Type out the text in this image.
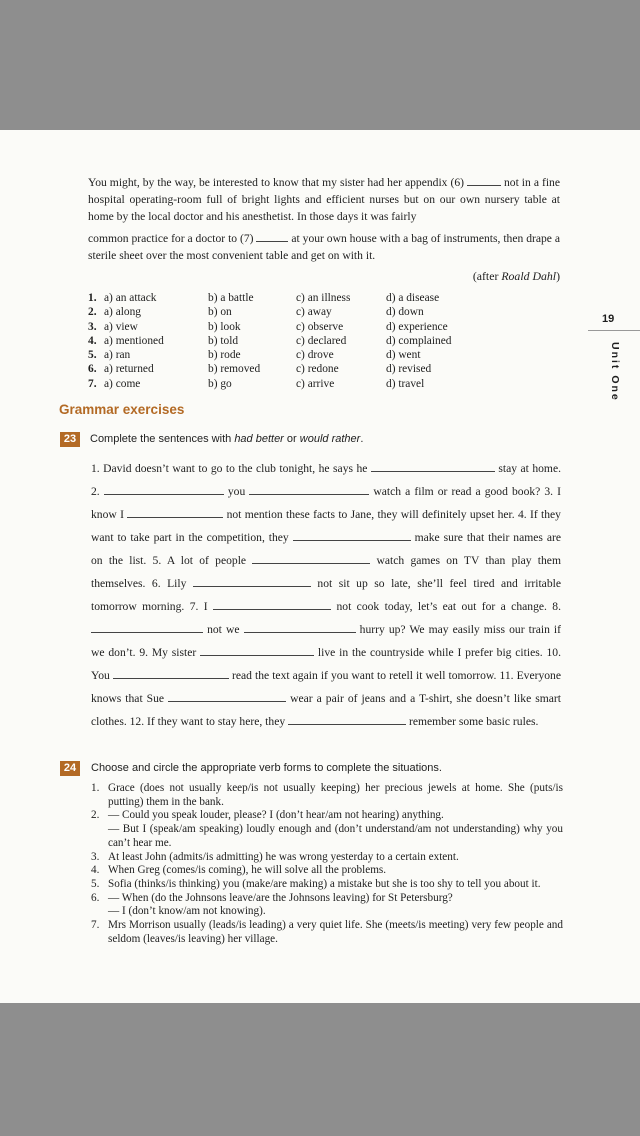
You might, by the way, be interested to know that my sister had her appendix (6)	not in a fine hospital operating-room full of bright lights and efficient nurses but on our own nursery table at home by the local doctor and his anesthetist. In those days it was fairly
common practice for a doctor to (7)	at your own house with a bag of instruments, then drape a sterile sheet over the most convenient table and get on with it.
(after Roald Dahl)
1.	a) an attack	b) a battle	c) an illness	d) a disease
2.	a) along	b) on	c) away	d) down
3.	a) view	b) look	c) observe	d) experience
4.	a) mentioned	b) told	c) declared	d) complained
5.	a) ran	b) rode	c) drove	d) went
6.	a) returned	b) removed	c) redone	d) revised
7.	a) come	b) go	c) arrive	d) travel
19
Unit One
Grammar exercises
23	Complete the sentences with had better or would rather.
1. David doesn’t want to go to the club tonight, he says he	stay at home. 2.	you	watch a film or read a good book? 3. I know I	not mention these facts to Jane, they will definitely upset her. 4. If they want to take part in the competition, they	make sure that their names are on the list. 5. A lot of people	watch games on TV than play them themselves. 6. Lily	not sit up so late, she’ll feel tired and irritable tomorrow morning. 7. I	not cook today, let’s eat out for a change. 8.  not we	hurry up? We may easily miss our train if we don’t. 9. My sister	live in the countryside while I prefer big cities. 10. You	read the text again if you want to retell it well tomorrow. 11. Everyone knows that Sue	wear a pair of jeans and a T-shirt, she doesn’t like smart clothes. 12. If they want to stay here, they	remember some basic rules.
24	Choose and circle the appropriate verb forms to complete the situations.
1. Grace (does not usually keep/is not usually keeping) her precious jewels at home. She (puts/is putting) them in the bank.
2. — Could you speak louder, please? I (don’t hear/am not hearing) anything.
— But I (speak/am speaking) loudly enough and (don’t understand/am not understanding) why you can’t hear me.
3. At least John (admits/is admitting) he was wrong yesterday to a certain extent.
4. When Greg (comes/is coming), he will solve all the problems.
5. Sofia (thinks/is thinking) you (make/are making) a mistake but she is too shy to tell you about it.
6. — When (do the Johnsons leave/are the Johnsons leaving) for St Petersburg?
— I (don’t know/am not knowing).
7. Mrs Morrison usually (leads/is leading) a very quiet life. She (meets/is meeting) very few people and seldom (leaves/is leaving) her village.
